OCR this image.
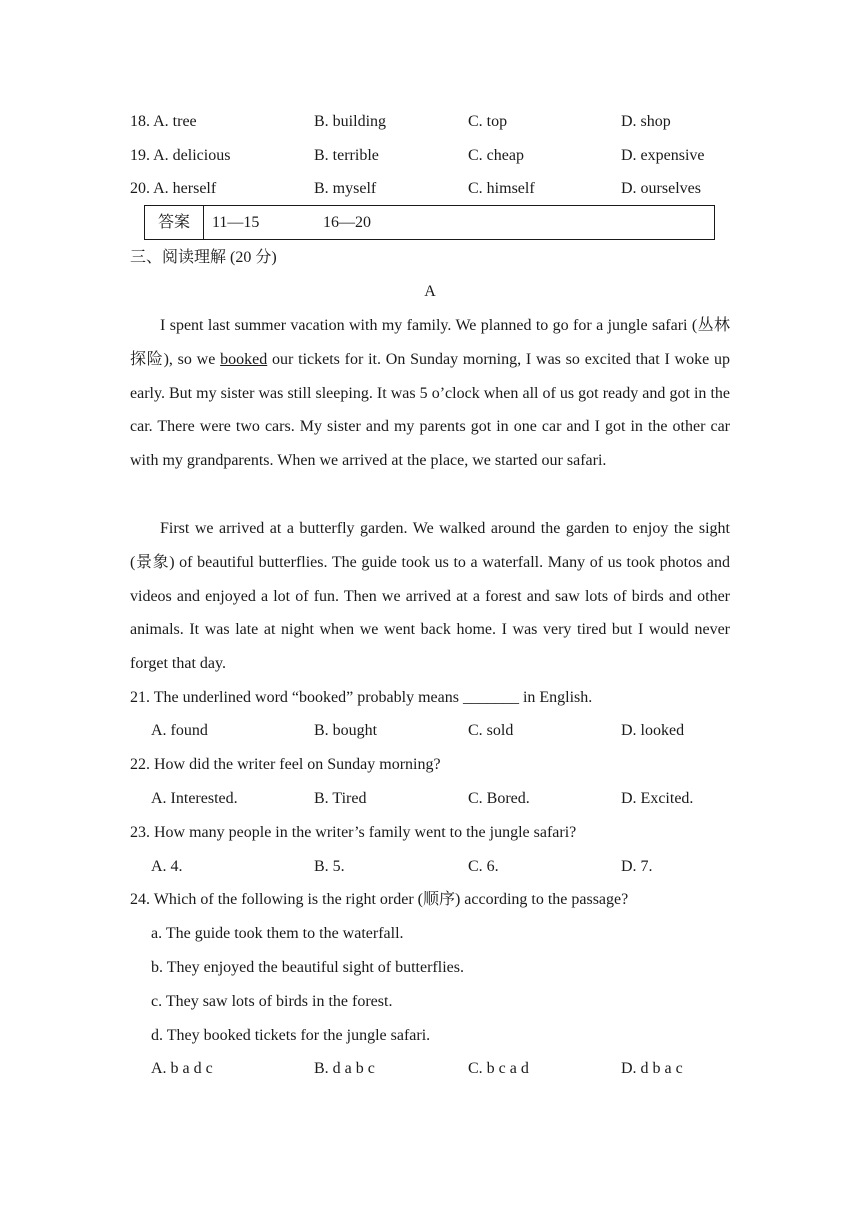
18. A. tree	B. building	C. top	D. shop
19. A. delicious	B. terrible	C. cheap	D. expensive
20. A. herself	B. myself	C. himself	D. ourselves
答案	11—15	16—20
三、阅读理解 (20 分)
A
I spent last summer vacation with my family. We planned to go for a jungle safari (丛林探险), so we booked our tickets for it. On Sunday morning, I was so excited that I woke up early. But my sister was still sleeping. It was 5 o’clock when all of us got ready and got in the car. There were two cars. My sister and my parents got in one car and I got in the other car with my grandparents. When we arrived at the place, we started our safari.
First we arrived at a butterfly garden. We walked around the garden to enjoy the sight (景象) of beautiful butterflies. The guide took us to a waterfall. Many of us took photos and videos and enjoyed a lot of fun. Then we arrived at a forest and saw lots of birds and other animals. It was late at night when we went back home. I was very tired but I would never forget that day.
21. The underlined word “booked” probably means _______ in English.
A. found	B. bought	C. sold	D. looked
22. How did the writer feel on Sunday morning?
A. Interested.	B. Tired	C. Bored.	D. Excited.
23. How many people in the writer’s family went to the jungle safari?
A. 4.	B. 5.	C. 6.	D. 7.
24. Which of the following is the right order (顺序) according to the passage?
a. The guide took them to the waterfall.
b. They enjoyed the beautiful sight of butterflies.
c. They saw lots of birds in the forest.
d. They booked tickets for the jungle safari.
A. b a d c	B. d a b c	C. b c a d	D. d b a c
